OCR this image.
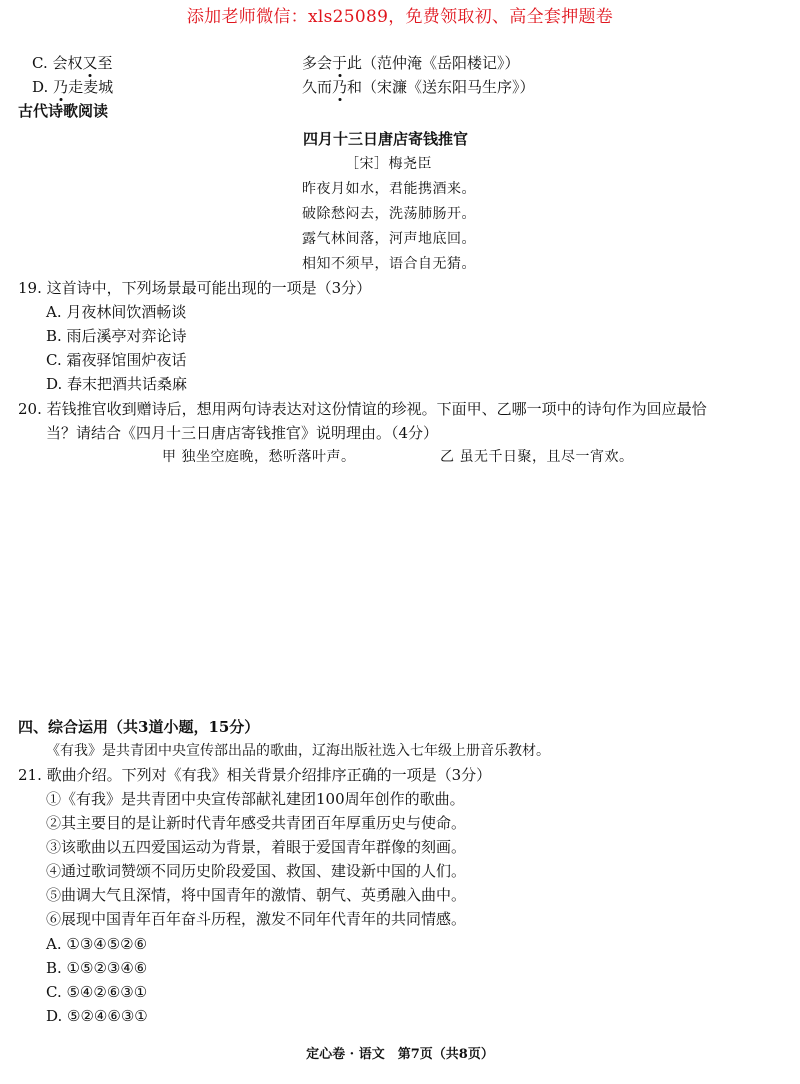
添加老师微信：xls25089，免费领取初、高全套押题卷
C. 会权又至
D. 乃走麦城
多会于此（范仲淹《岳阳楼记》）
久而乃和（宋濂《送东阳马生序》）
古代诗歌阅读
四月十三日唐店寄钱推官
［宋］梅尧臣
昨夜月如水，君能携酒来。
破除愁闷去，洗荡肺肠开。
露气林间落，河声地底回。
相知不须早，语合自无猜。
19. 这首诗中，下列场景最可能出现的一项是（3分）
A. 月夜林间饮酒畅谈
B. 雨后溪亭对弈论诗
C. 霜夜驿馆围炉夜话
D. 春末把酒共话桑麻
20. 若钱推官收到赠诗后，想用两句诗表达对这份情谊的珍视。下面甲、乙哪一项中的诗句作为回应最恰
当？请结合《四月十三日唐店寄钱推官》说明理由。（4分）
甲 独坐空庭晚，愁听落叶声。	乙 虽无千日聚，且尽一宵欢。
四、综合运用（共3道小题，15分）
《有我》是共青团中央宣传部出品的歌曲，辽海出版社选入七年级上册音乐教材。
21. 歌曲介绍。下列对《有我》相关背景介绍排序正确的一项是（3分）
①《有我》是共青团中央宣传部献礼建团100周年创作的歌曲。
②其主要目的是让新时代青年感受共青团百年厚重历史与使命。
③该歌曲以五四爱国运动为背景，着眼于爱国青年群像的刻画。
④通过歌词赞颂不同历史阶段爱国、救国、建设新中国的人们。
⑤曲调大气且深情，将中国青年的激情、朝气、英勇融入曲中。
⑥展现中国青年百年奋斗历程，激发不同年代青年的共同情感。
A. ①③④⑤②⑥
B. ①⑤②③④⑥
C. ⑤④②⑥③①
D. ⑤②④⑥③①
定心卷 · 语文　第7页（共8页）
